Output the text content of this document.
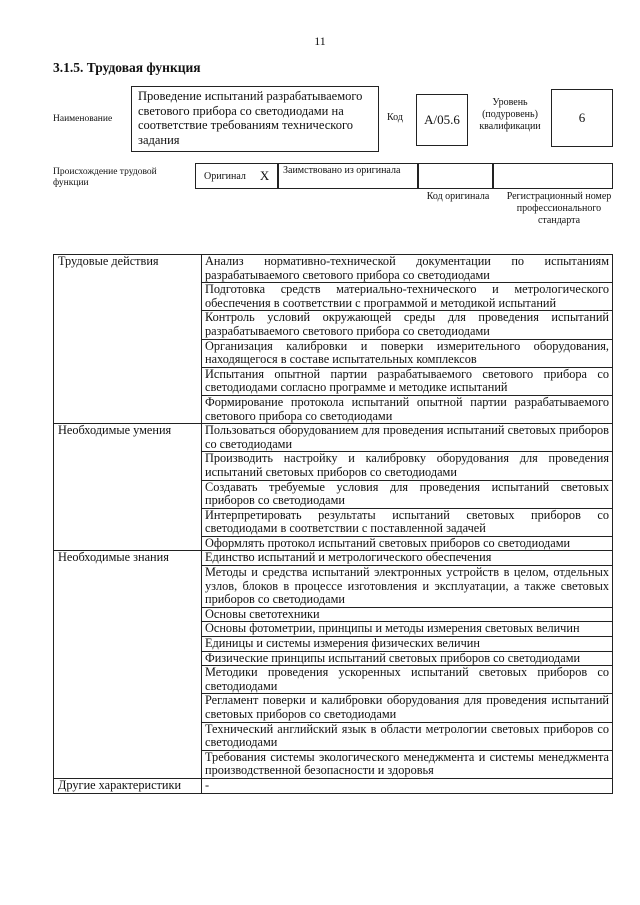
11
3.1.5. Трудовая функция
Наименование
Проведение испытаний разрабатываемого светового прибора со светодиодами на соответствие требованиям технического задания
Код	А/05.6
Уровень (подуровень) квалификации
6
Происхождение трудовой функции
Оригинал Х	Заимствовано из оригинала
Код оригинала	Регистрационный номер профессионального стандарта
Трудовые действия	Анализ нормативно-технической документации по испытаниям разрабатываемого светового прибора со светодиодами
	Подготовка средств материально-технического и метрологического обеспечения в соответствии с программой и методикой испытаний
	Контроль условий окружающей среды для проведения испытаний разрабатываемого светового прибора со светодиодами
	Организация калибровки и поверки измерительного оборудования, находящегося в составе испытательных комплексов
	Испытания опытной партии разрабатываемого светового прибора со светодиодами согласно программе и методике испытаний
	Формирование протокола испытаний опытной партии разрабатываемого светового прибора со светодиодами
Необходимые умения	Пользоваться оборудованием для проведения испытаний световых приборов со светодиодами
	Производить настройку и калибровку оборудования для проведения испытаний световых приборов со светодиодами
	Создавать требуемые условия для проведения испытаний световых приборов со светодиодами
	Интерпретировать результаты испытаний световых приборов со светодиодами в соответствии с поставленной задачей
	Оформлять протокол испытаний световых приборов со светодиодами
Необходимые знания	Единство испытаний и метрологического обеспечения
	Методы и средства испытаний электронных устройств в целом, отдельных узлов, блоков в процессе изготовления и эксплуатации, а также световых приборов со светодиодами
	Основы светотехники
	Основы фотометрии, принципы и методы измерения световых величин
	Единицы и системы измерения физических величин
	Физические принципы испытаний световых приборов со светодиодами
	Методики проведения ускоренных испытаний световых приборов со светодиодами
	Регламент поверки и калибровки оборудования для проведения испытаний световых приборов со светодиодами
	Технический английский язык в области метрологии световых приборов со светодиодами
	Требования системы экологического менеджмента и системы менеджмента производственной безопасности и здоровья
Другие характеристики	-
